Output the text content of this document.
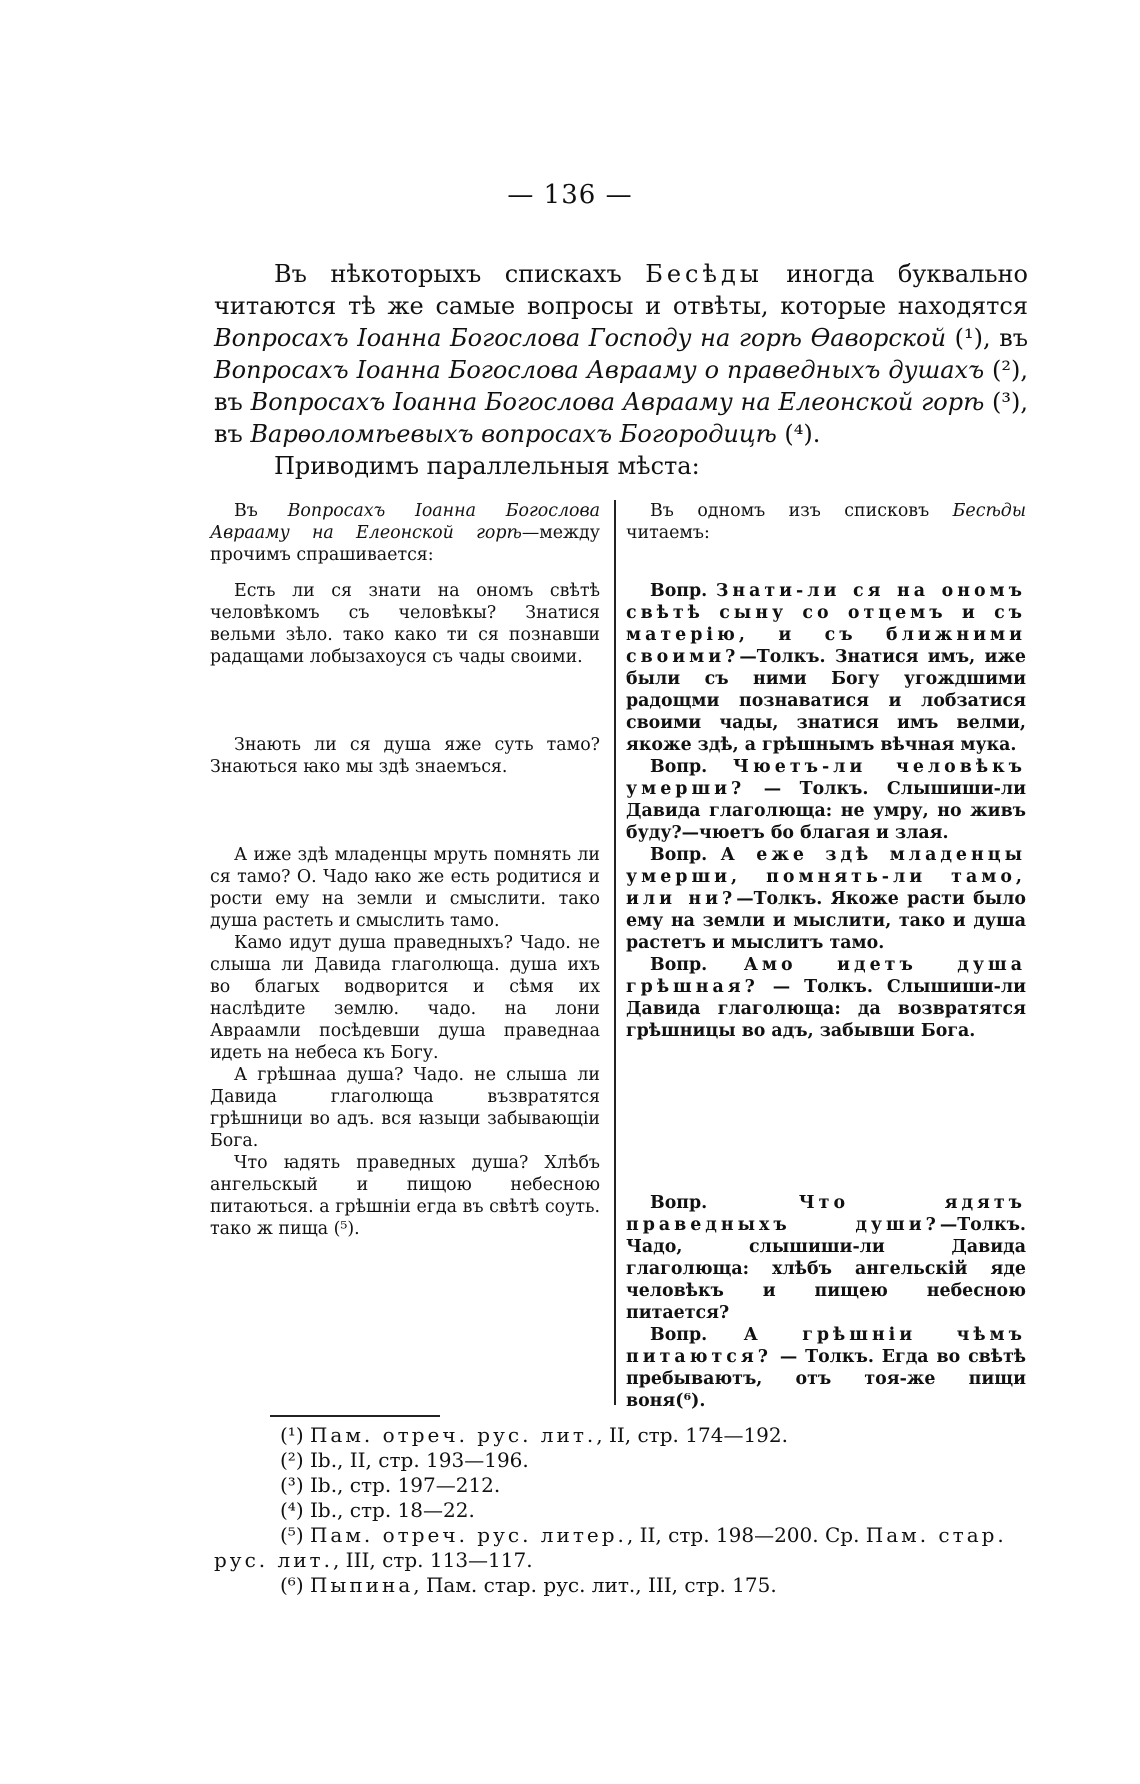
— 136 —

Въ нѣкоторыхъ спискахъ Бесѣды иногда буквально читаются тѣ же самые вопросы и отвѣты, которые находятся Вопросахъ Іоанна Богослова Господу на горѣ Ѳаворской (¹), въ Вопросахъ Іоанна Богослова Аврааму о праведныхъ душахъ (²), въ Вопросахъ Іоанна Богослова Аврааму на Елеонской горѣ (³), въ Варѳоломѣевыхъ вопросахъ Богородицѣ (⁴).

Приводимъ параллельныя мѣста:

Въ Вопросахъ Іоанна Богослова Аврааму на Елеонской горѣ—между прочимъ спрашивается:

Есть ли ся знати на ономъ свѣтѣ человѣкомъ съ человѣкы? Знатися вельми зѣло. тако како ти ся познавши радащами лобызахоуся съ чады своими.

Знають ли ся душа яже суть тамо? Знаються ꙗко мы здѣ знаемъся.

А иже здѣ младенцы мруть помнять ли ся тамо? О. Чадо ꙗко же есть родитися и рости ему на земли и смыслити. тако душа растеть и смыслить тамо.

Камо идут душа праведныхъ? Чадо. не слыша ли Давида глаголюща. душа ихъ во благых водворится и сѣмя их наслѣдите землю. чадо. на лони Авраамли посѣдевши душа праведнаа идеть на небеса къ Богу.

А грѣшнаа душа? Чадо. не слыша ли Давида глаголюща възвратятся грѣшници во адъ. вся ꙗзыци забывающіи Бога.

Что ꙗдять праведных душа? Хлѣбъ ангельскый и пищою небесною питаються. а грѣшніи егда въ свѣтѣ соуть. тако ж пища (⁵).

Въ одномъ изъ списковъ Бесѣды читаемъ:

Вопр. Знати-ли ся на ономъ свѣтѣ сыну со отцемъ и съ матерію, и съ ближними своими?—Толкъ. Знатися имъ, иже были съ ними Богу угождшими радощми познаватися и лобзатися своими чады, знатися имъ велми, якоже здѣ, а грѣшнымъ вѣчная мука.

Вопр. Чюетъ-ли человѣкъ умерши? — Толкъ. Слышиши-ли Давида глаголюща: не умру, но живъ буду?—чюетъ бо благая и злая.

Вопр. А еже здѣ младенцы умерши, помнять-ли тамо, или ни?—Толкъ. Якоже расти было ему на земли и мыслити, тако и душа растетъ и мыслитъ тамо.

Вопр. Амо идетъ душа грѣшная? — Толкъ. Слышиши-ли Давида глаголюща: да возвратятся грѣшницы во адъ, забывши Бога.

Вопр. Что ядятъ праведныхъ души?—Толкъ. Чадо, слышиши-ли Давида глаголюща: хлѣбъ ангельскій яде человѣкъ и пищею небесною питается?

Вопр. А грѣшніи чѣмъ питаются? — Толкъ. Егда во свѣтѣ пребываютъ, отъ тоя-же пищи воня(⁶).

(¹) Пам. отреч. рус. лит., II, стр. 174—192.
(²) Ib., II, стр. 193—196.
(³) Ib., стр. 197—212.
(⁴) Ib., стр. 18—22.
(⁵) Пам. отреч. рус. литер., II, стр. 198—200. Ср. Пам. стар. рус. лит., III, стр. 113—117.
(⁶) Пыпина, Пам. стар. рус. лит., III, стр. 175.
